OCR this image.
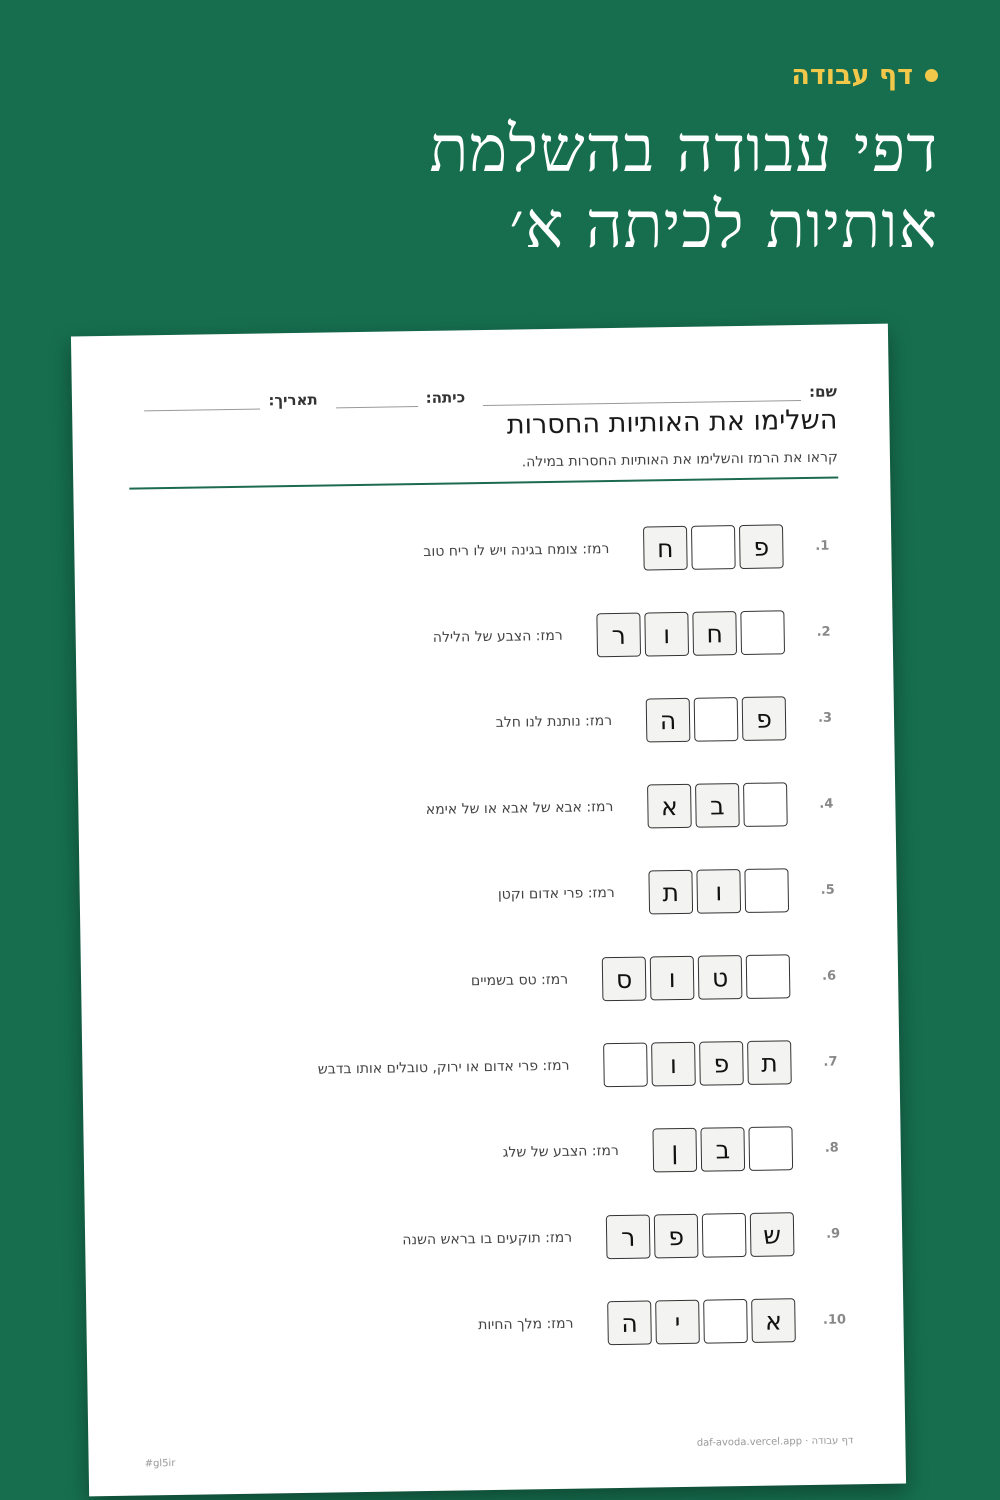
דף עבודה
דפי עבודה בהשלמת
אותיות לכיתה א׳
שם:
כיתה:
תאריך:
השלימו את האותיות החסרות
קראו את הרמז והשלימו את האותיות החסרות במילה.
1.
פ
ח
רמז: צומח בגינה ויש לו ריח טוב
2.
ח
ו
ר
רמז: הצבע של הלילה
3.
פ
ה
רמז: נותנת לנו חלב
4.
ב
א
רמז: אבא של אבא או של אימא
5.
ו
ת
רמז: פרי אדום וקטן
6.
ט
ו
ס
רמז: טס בשמיים
7.
ת
פ
ו
רמז: פרי אדום או ירוק, טובלים אותו בדבש
8.
ב
ן
רמז: הצבע של שלג
9.
ש
פ
ר
רמז: תוקעים בו בראש השנה
10.
א
י
ה
רמז: מלך החיות
דף עבודה · daf-avoda.vercel.app
#gl5ir
